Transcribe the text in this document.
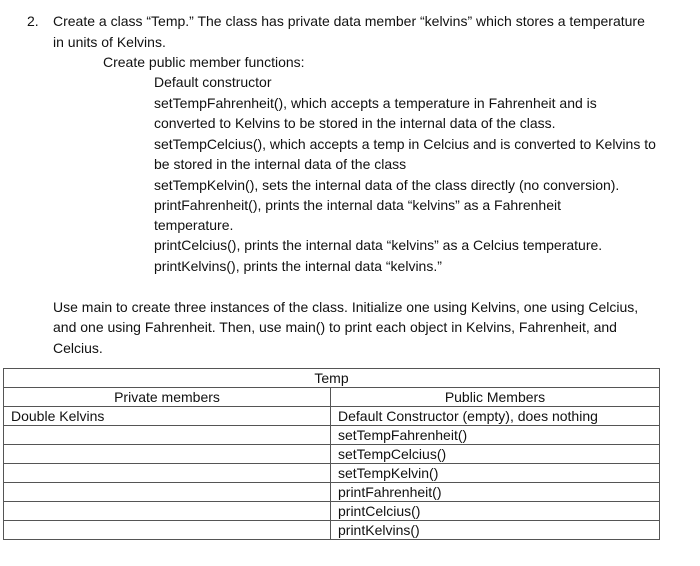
2. Create a class “Temp.” The class has private data member “kelvins” which stores a temperature
in units of Kelvins.
Create public member functions:
Default constructor
setTempFahrenheit(), which accepts a temperature in Fahrenheit and is
converted to Kelvins to be stored in the internal data of the class.
setTempCelcius(), which accepts a temp in Celcius and is converted to Kelvins to
be stored in the internal data of the class
setTempKelvin(), sets the internal data of the class directly (no conversion).
printFahrenheit(), prints the internal data “kelvins” as a Fahrenheit
temperature.
printCelcius(), prints the internal data “kelvins” as a Celcius temperature.
printKelvins(), prints the internal data “kelvins.”
Use main to create three instances of the class. Initialize one using Kelvins, one using Celcius,
and one using Fahrenheit. Then, use main() to print each object in Kelvins, Fahrenheit, and
Celcius.
Temp	
Private members	Public Members
Double Kelvins	Default Constructor (empty), does nothing
	setTempFahrenheit()
	setTempCelcius()
	setTempKelvin()
	printFahrenheit()
	printCelcius()
	printKelvins()
